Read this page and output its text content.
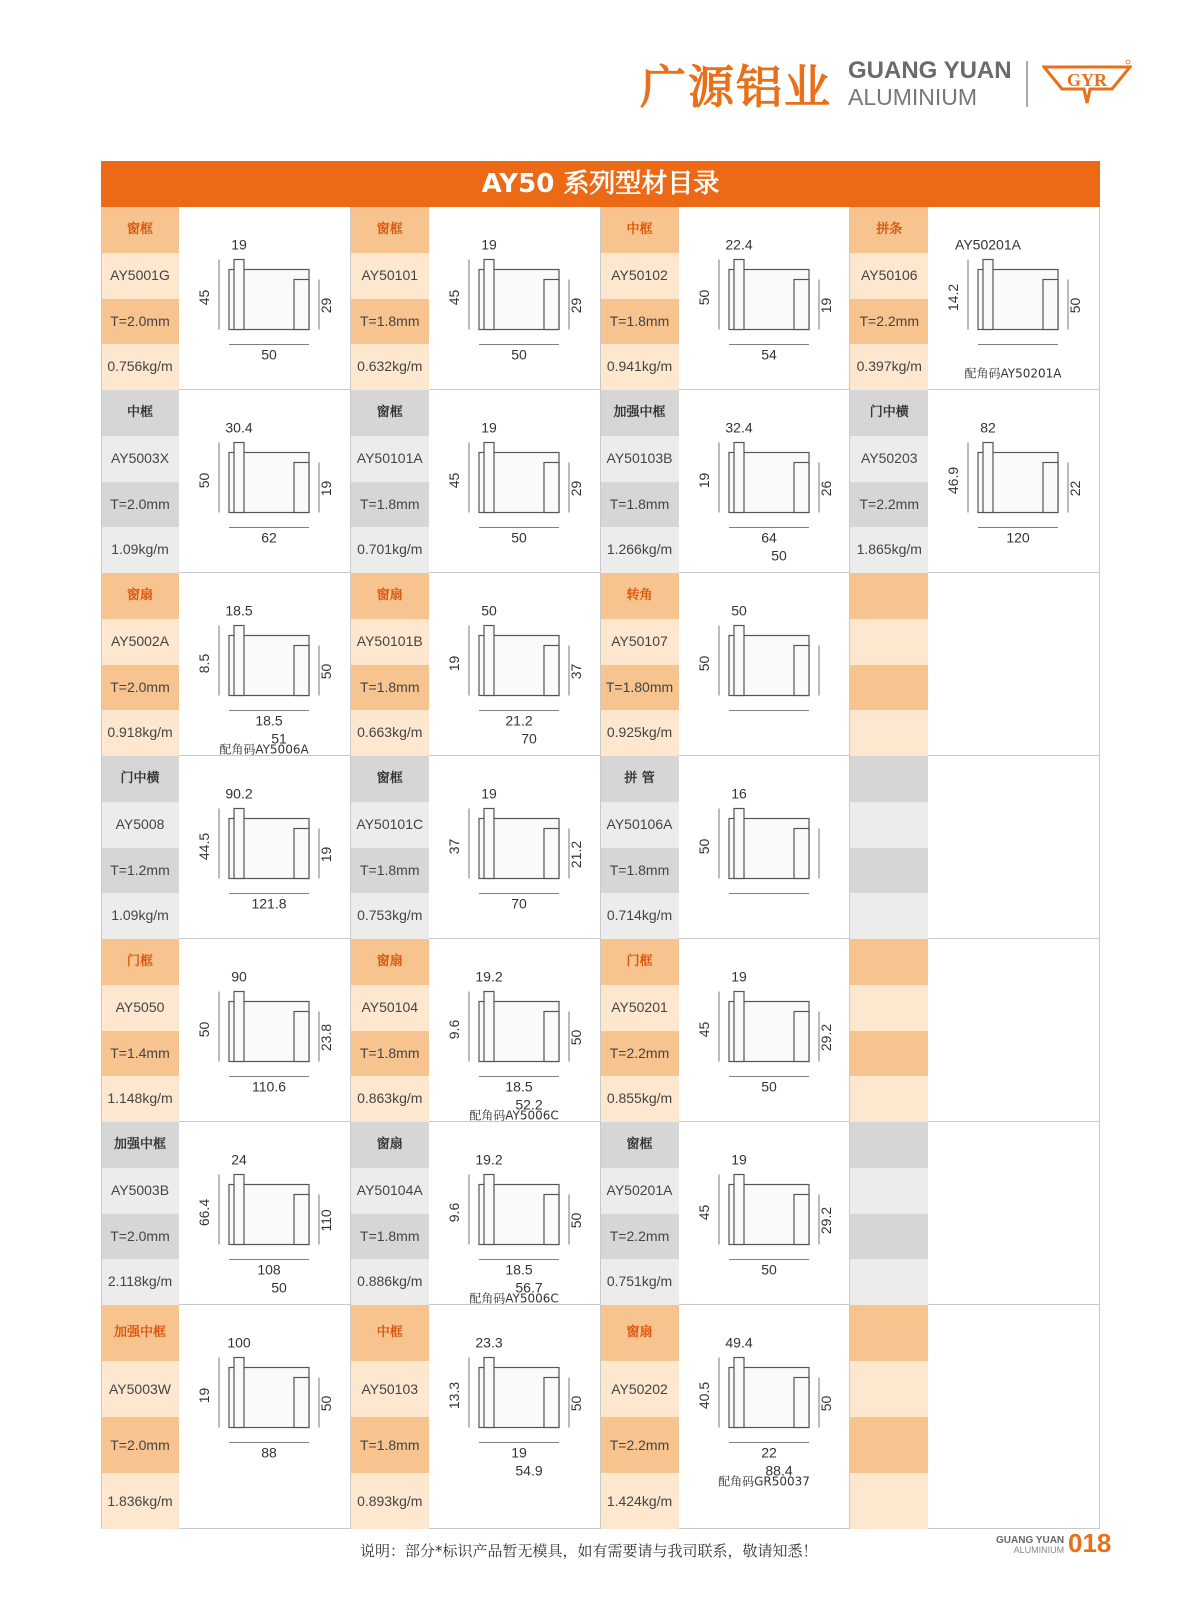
广源铝业 GUANG YUAN
ALUMINIUM
GYR
AY50 系列型材目录
窗框
AY5001G
T=2.0mm
0.756kg/m
19
45
29
50
窗框
AY50101
T=1.8mm
0.632kg/m
19
45
29
50
中框
AY50102
T=1.8mm
0.941kg/m
22.4
50
19
54
拼条
AY50106
T=2.2mm
0.397kg/m
AY50201A
14.2	50
配角码AY50201A
中框
AY5003X
T=2.0mm
1.09kg/m
30.4
50
19
62
窗框
AY50101A
T=1.8mm
0.701kg/m
19
45
29
50
加强中框
AY50103B
T=1.8mm
1.266kg/m
32.4
19
26
64
50
门中横
AY50203
T=2.2mm
1.865kg/m
82
46.9	22
120
窗扇
AY5002A
T=2.0mm
0.918kg/m
18.5
8.5	50
18.5
51
配角码AY5006A
窗扇
AY50101B
T=1.8mm
0.663kg/m
50
19
37
21.2
70
转角
AY50107
T=1.80mm
0.925kg/m
50
50
门中横
AY5008
T=1.2mm
1.09kg/m
90.2
44.5	19
121.8
窗框
AY50101C
T=1.8mm
0.753kg/m
19
37	21.2
70
拼 管
AY50106A
T=1.8mm
0.714kg/m
16
50
门框
AY5050
T=1.4mm
1.148kg/m
90
50	23.8
110.6
窗扇
AY50104
T=1.8mm
0.863kg/m
19.2
9.6	50
18.5
52.2
配角码AY5006C
门框
AY50201
T=2.2mm
0.855kg/m
19
45	29.2
50
加强中框
AY5003B
T=2.0mm
2.118kg/m
24
66.4	110
108
50
窗扇
AY50104A
T=1.8mm
0.886kg/m
19.2
9.6	50
18.5
56.7
配角码AY5006C
窗框
AY50201A
T=2.2mm
0.751kg/m
19
45	29.2
50
加强中框
AY5003W
T=2.0mm
1.836kg/m
100
19
50
88
中框
AY50103
T=1.8mm
0.893kg/m
23.3
13.3	50
19
54.9
窗扇
AY50202
T=2.2mm
1.424kg/m
49.4
40.5	50
22
88.4
配角码GR50037
说明：部分*标识产品暂无模具，如有需要请与我司联系，敬请知悉！
GUANG YUAN
ALUMINIUM 018
